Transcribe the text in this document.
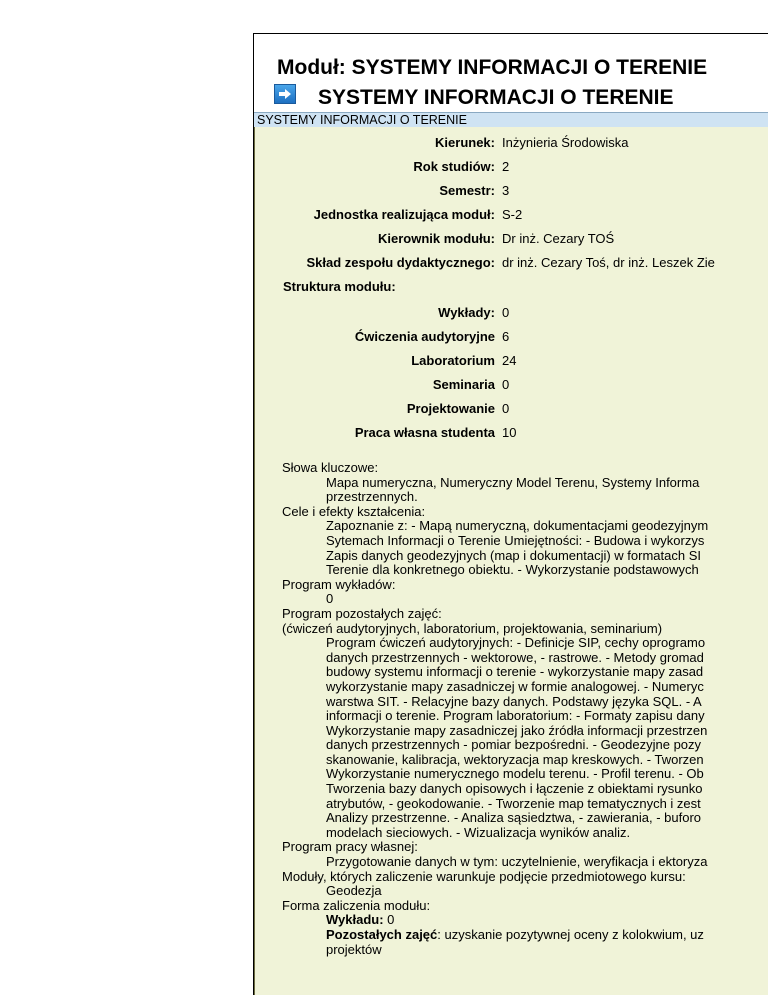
Moduł: SYSTEMY INFORMACJI O TERENIE
SYSTEMY INFORMACJI O TERENIE
SYSTEMY INFORMACJI O TERENIE
Kierunek: Inżynieria Środowiska
Rok studiów: 2
Semestr: 3
Jednostka realizująca moduł: S-2
Kierownik modułu: Dr inż. Cezary TOŚ
Skład zespołu dydaktycznego: dr inż. Cezary Toś, dr inż. Leszek Zie
Struktura modułu:
Wykłady: 0
Ćwiczenia audytoryjne 6
Laboratorium 24
Seminaria 0
Projektowanie 0
Praca własna studenta 10
Słowa kluczowe:
Mapa numeryczna, Numeryczny Model Terenu, Systemy Informa
przestrzennych.
Cele i efekty kształcenia:
Zapoznanie z: - Mapą numeryczną, dokumentacjami geodezyjnym
Sytemach Informacji o Terenie Umiejętności: - Budowa i wykorzys
Zapis danych geodezyjnych (map i dokumentacji) w formatach SI
Terenie dla konkretnego obiektu. - Wykorzystanie podstawowych
Program wykładów:
0
Program pozostałych zajęć:
(ćwiczeń audytoryjnych, laboratorium, projektowania, seminarium)
Program ćwiczeń audytoryjnych: - Definicje SIP, cechy oprogramo
danych przestrzennych - wektorowe, - rastrowe. - Metody gromad
budowy systemu informacji o terenie - wykorzystanie mapy zasad
wykorzystanie mapy zasadniczej w formie analogowej. - Numeryc
warstwa SIT. - Relacyjne bazy danych. Podstawy języka SQL. - A
informacji o terenie. Program laboratorium: - Formaty zapisu dany
Wykorzystanie mapy zasadniczej jako źródła informacji przestrzen
danych przestrzennych - pomiar bezpośredni. - Geodezyjne pozy
skanowanie, kalibracja, wektoryzacja map kreskowych. - Tworzen
Wykorzystanie numerycznego modelu terenu. - Profil terenu. - Ob
Tworzenia bazy danych opisowych i łączenie z obiektami rysunko
atrybutów, - geokodowanie. - Tworzenie map tematycznych i zest
Analizy przestrzenne. - Analiza sąsiedztwa, - zawierania, - buforo
modelach sieciowych. - Wizualizacja wyników analiz.
Program pracy własnej:
Przygotowanie danych w tym: uczytelnienie, weryfikacja i ektoryza
Moduły, których zaliczenie warunkuje podjęcie przedmiotowego kursu:
Geodezja
Forma zaliczenia modułu:
Wykładu: 0
Pozostałych zajęć: uzyskanie pozytywnej oceny z kolokwium, uz
projektów
